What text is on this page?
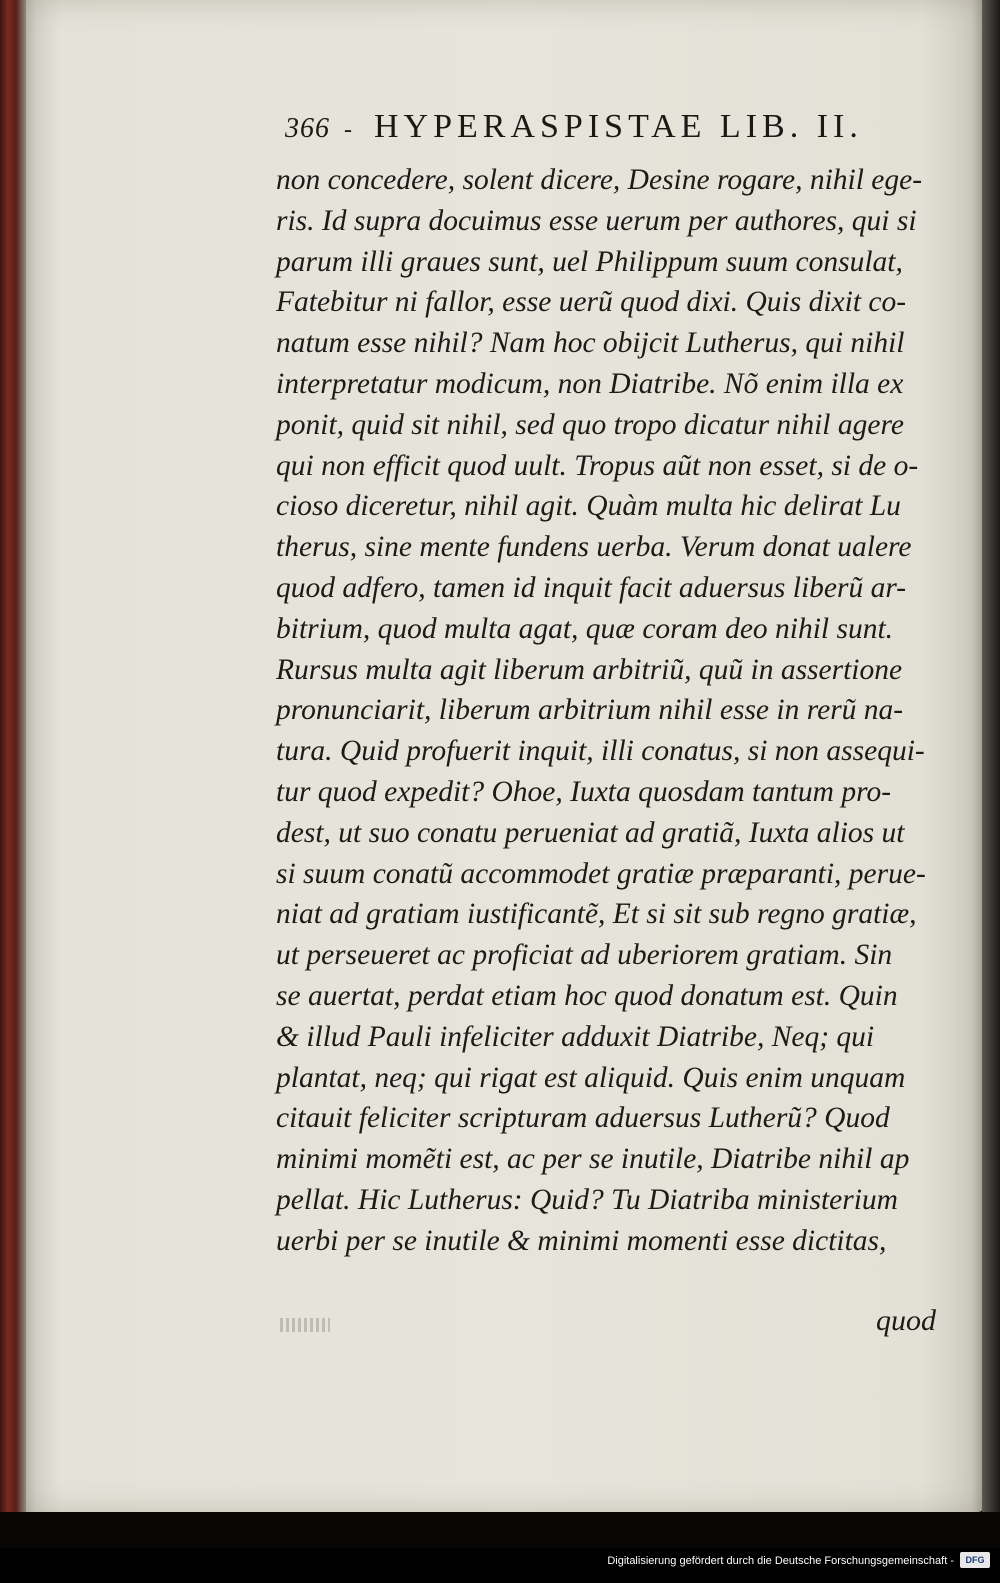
366 - HYPERASPISTAE LIB. II.
non concedere, solent dicere, Desine rogare, nihil ege-
ris. Id supra docuimus esse uerum per authores, qui si
parum illi graues sunt, uel Philippum suum consulat,
Fatebitur ni fallor, esse uerũ quod dixi. Quis dixit co-
natum esse nihil? Nam hoc obijcit Lutherus, qui nihil
interpretatur modicum, non Diatribe. Nõ enim illa ex
ponit, quid sit nihil, sed quo tropo dicatur nihil agere
qui non efficit quod uult. Tropus aũt non esset, si de o-
cioso diceretur, nihil agit. Quàm multa hic delirat Lu
therus, sine mente fundens uerba. Verum donat ualere
quod adfero, tamen id inquit facit aduersus liberũ ar-
bitrium, quod multa agat, quæ coram deo nihil sunt.
Rursus multa agit liberum arbitriũ, quũ in assertione
pronunciarit, liberum arbitrium nihil esse in rerũ na-
tura. Quid profuerit inquit, illi conatus, si non assequi-
tur quod expedit? Ohoe, Iuxta quosdam tantum pro-
dest, ut suo conatu perueniat ad gratiã, Iuxta alios ut
si suum conatũ accommodet gratiæ præparanti, perue-
niat ad gratiam iustificantẽ, Et si sit sub regno gratiæ,
ut perseueret ac proficiat ad uberiorem gratiam. Sin
se auertat, perdat etiam hoc quod donatum est. Quin
& illud Pauli infeliciter adduxit Diatribe, Neq; qui
plantat, neq; qui rigat est aliquid. Quis enim unquam
citauit feliciter scripturam aduersus Lutherũ? Quod
minimi momẽti est, ac per se inutile, Diatribe nihil ap
pellat. Hic Lutherus: Quid? Tu Diatriba ministerium
uerbi per se inutile & minimi momenti esse dictitas,
quod
Digitalisierung gefördert durch die Deutsche Forschungsgemeinschaft -	DFG
